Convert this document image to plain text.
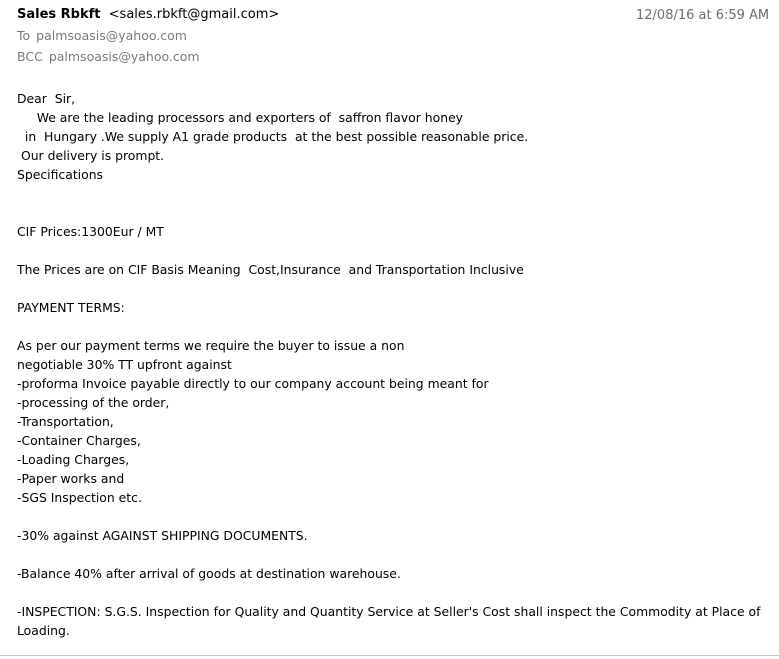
Sales Rbkft <sales.rbkft@gmail.com>	12/08/16 at 6:59 AM
To palmsoasis@yahoo.com
BCC palmsoasis@yahoo.com
Dear  Sir,
We are the leading processors and exporters of  saffron flavor honey
in  Hungary .We supply A1 grade products  at the best possible reasonable price.
Our delivery is prompt.
Specifications
CIF Prices:1300Eur / MT
The Prices are on CIF Basis Meaning  Cost,Insurance  and Transportation Inclusive
PAYMENT TERMS:
As per our payment terms we require the buyer to issue a non
negotiable 30% TT upfront against
-proforma Invoice payable directly to our company account being meant for
-processing of the order,
-Transportation,
-Container Charges,
-Loading Charges,
-Paper works and
-SGS Inspection etc.
-30% against AGAINST SHIPPING DOCUMENTS.
-Balance 40% after arrival of goods at destination warehouse.
-INSPECTION: S.G.S. Inspection for Quality and Quantity Service at Seller's Cost shall inspect the Commodity at Place of
Loading.
